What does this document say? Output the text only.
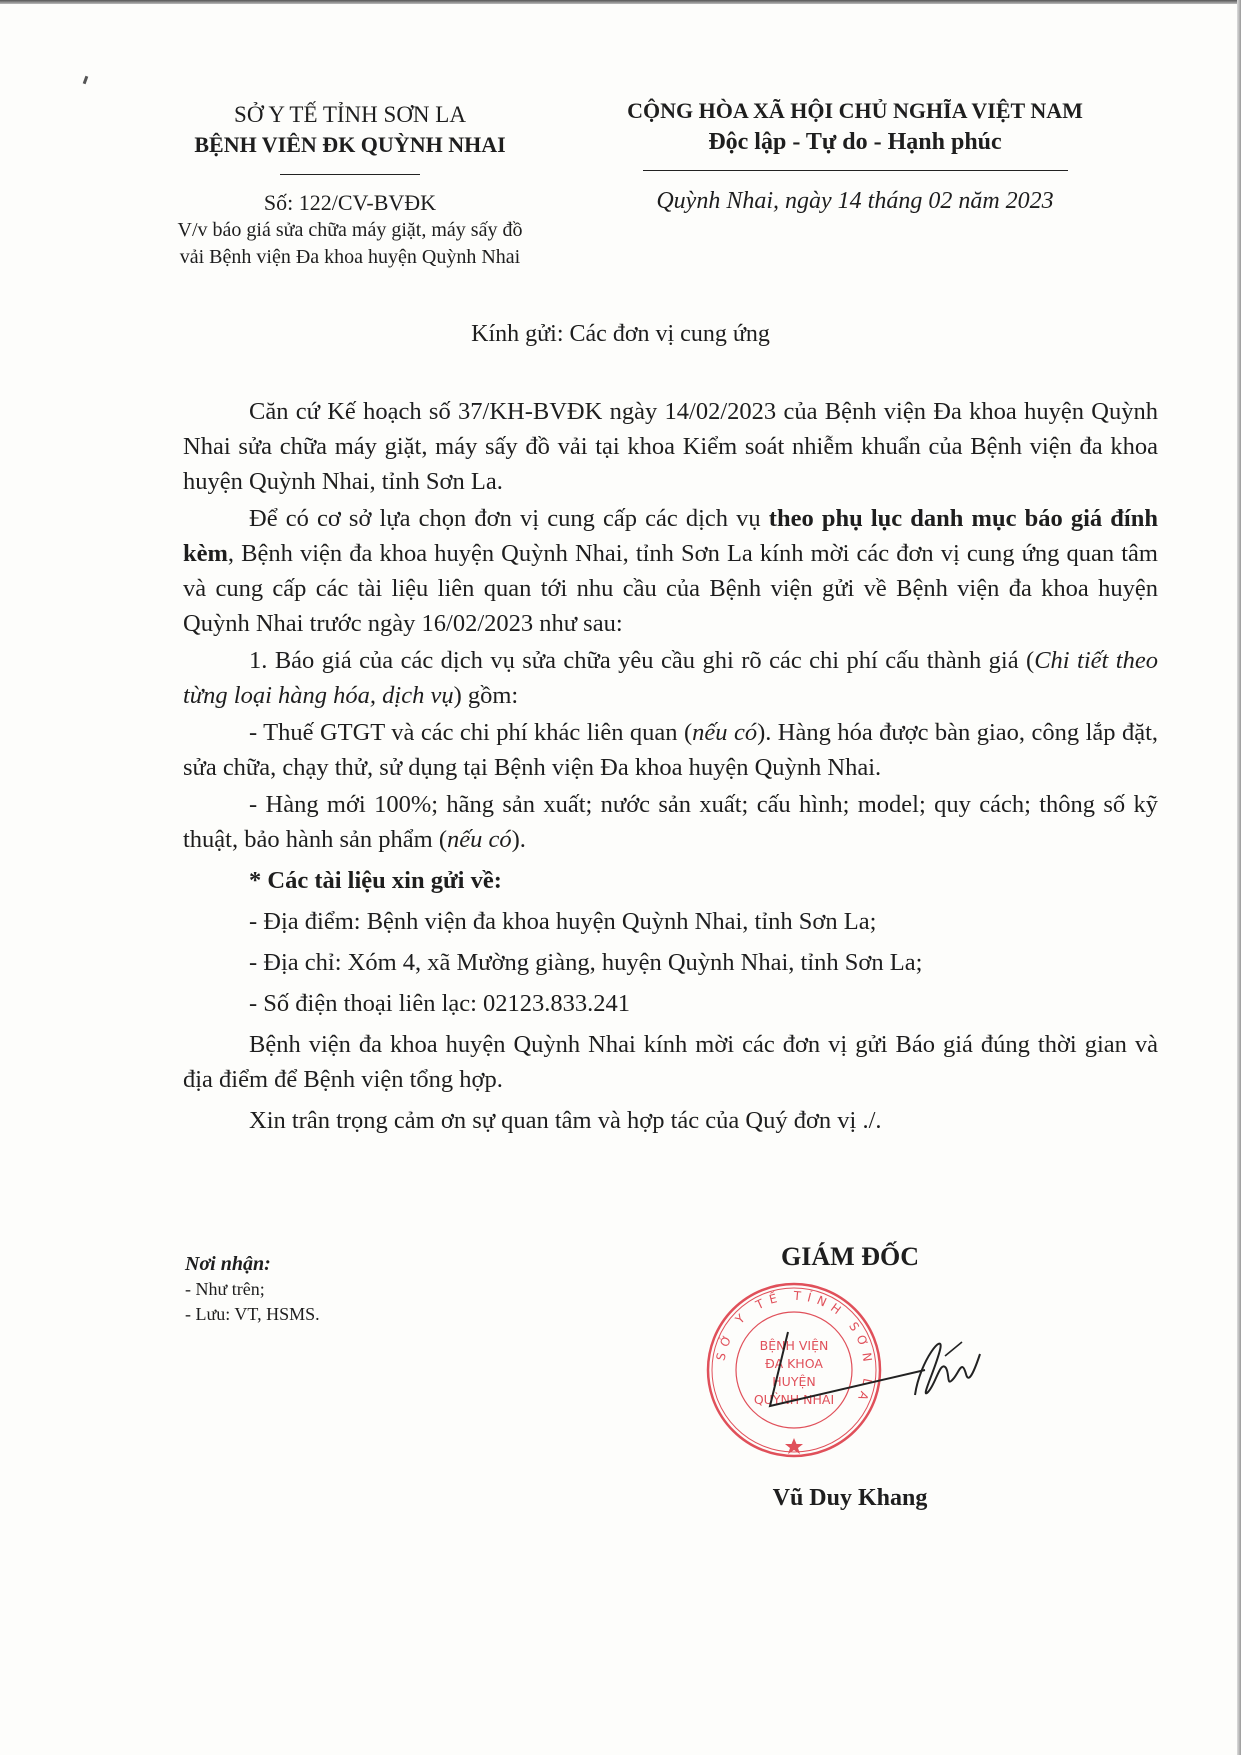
SỞ Y TẾ TỈNH SƠN LA
BỆNH VIÊN ĐK QUỲNH NHAI
Số: 122/CV-BVĐK
V/v báo giá sửa chữa máy giặt, máy sấy đồ
vải Bệnh viện Đa khoa huyện Quỳnh Nhai
CỘNG HÒA XÃ HỘI CHỦ NGHĨA VIỆT NAM
Độc lập - Tự do - Hạnh phúc
Quỳnh Nhai, ngày 14 tháng 02 năm 2023
Kính gửi: Các đơn vị cung ứng

Căn cứ Kế hoạch số 37/KH-BVĐK ngày 14/02/2023 của Bệnh viện Đa khoa huyện Quỳnh Nhai sửa chữa máy giặt, máy sấy đồ vải tại khoa Kiểm soát nhiễm khuẩn của Bệnh viện đa khoa huyện Quỳnh Nhai, tỉnh Sơn La.

Để có cơ sở lựa chọn đơn vị cung cấp các dịch vụ theo phụ lục danh mục báo giá đính kèm, Bệnh viện đa khoa huyện Quỳnh Nhai, tỉnh Sơn La kính mời các đơn vị cung ứng quan tâm và cung cấp các tài liệu liên quan tới nhu cầu của Bệnh viện gửi về Bệnh viện đa khoa huyện Quỳnh Nhai trước ngày 16/02/2023 như sau:

1. Báo giá của các dịch vụ sửa chữa yêu cầu ghi rõ các chi phí cấu thành giá (Chi tiết theo từng loại hàng hóa, dịch vụ) gồm:

- Thuế GTGT và các chi phí khác liên quan (nếu có). Hàng hóa được bàn giao, công lắp đặt, sửa chữa, chạy thử, sử dụng tại Bệnh viện Đa khoa huyện Quỳnh Nhai.

- Hàng mới 100%; hãng sản xuất; nước sản xuất; cấu hình; model; quy cách; thông số kỹ thuật, bảo hành sản phẩm (nếu có).

* Các tài liệu xin gửi về:

- Địa điểm: Bệnh viện đa khoa huyện Quỳnh Nhai, tỉnh Sơn La;

- Địa chỉ: Xóm 4, xã Mường giàng, huyện Quỳnh Nhai, tỉnh Sơn La;

- Số điện thoại liên lạc: 02123.833.241

Bệnh viện đa khoa huyện Quỳnh Nhai kính mời các đơn vị gửi Báo giá đúng thời gian và địa điểm để Bệnh viện tổng hợp.

Xin trân trọng cảm ơn sự quan tâm và hợp tác của Quý đơn vị ./.

Nơi nhận:
- Như trên;
- Lưu: VT, HSMS.
GIÁM ĐỐC
SỞ Y TẾ TỈNH SƠN LA
BỆNH VIỆN
ĐA KHOA
HUYỆN
QUỲNH NHAI
Vũ Duy Khang
